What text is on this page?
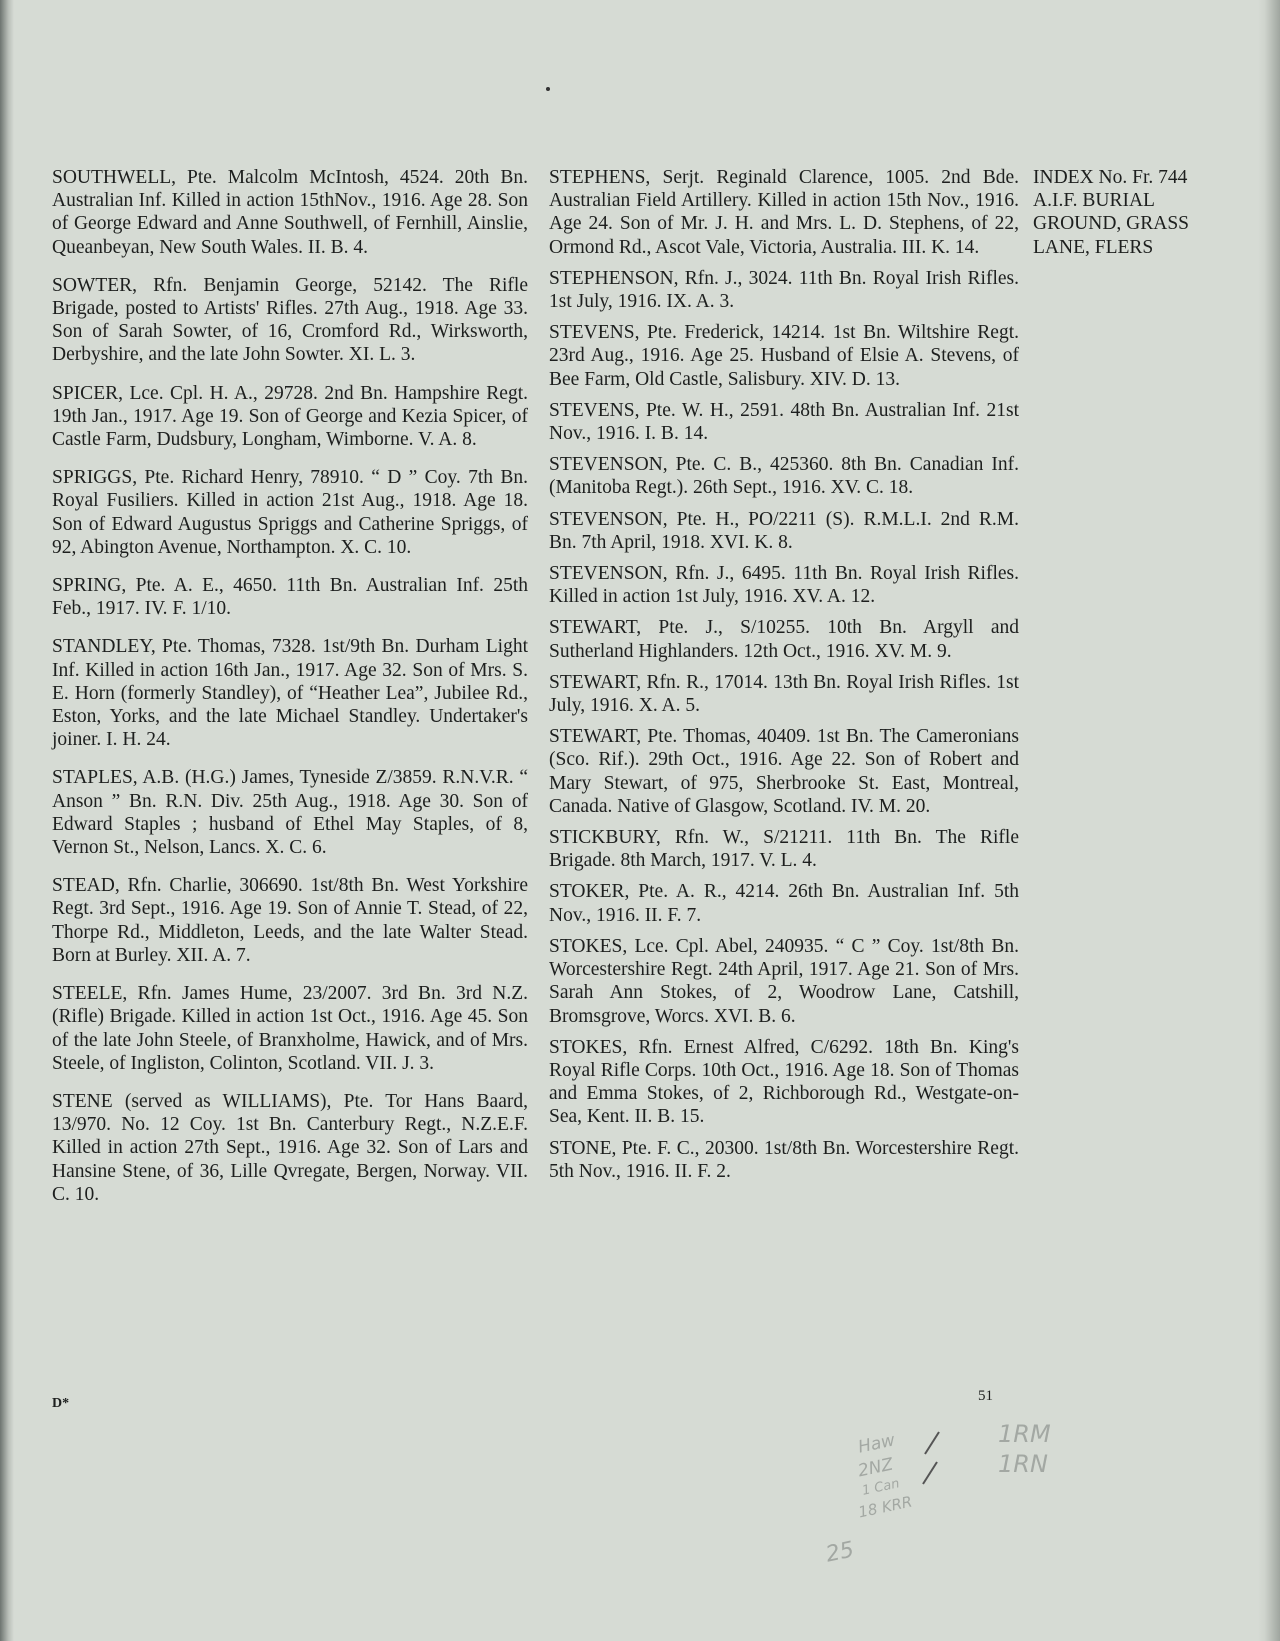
SOUTHWELL, Pte. Malcolm McIntosh, 4524. 20th Bn. Australian Inf. Killed in action 15thNov., 1916. Age 28. Son of George Edward and Anne Southwell, of Fernhill, Ainslie, Queanbeyan, New South Wales. II. B. 4.

SOWTER, Rfn. Benjamin George, 52142. The Rifle Brigade, posted to Artists' Rifles. 27th Aug., 1918. Age 33. Son of Sarah Sowter, of 16, Cromford Rd., Wirksworth, Derbyshire, and the late John Sowter. XI. L. 3.

SPICER, Lce. Cpl. H. A., 29728. 2nd Bn. Hampshire Regt. 19th Jan., 1917. Age 19. Son of George and Kezia Spicer, of Castle Farm, Dudsbury, Longham, Wimborne. V. A. 8.

SPRIGGS, Pte. Richard Henry, 78910. “ D ” Coy. 7th Bn. Royal Fusiliers. Killed in action 21st Aug., 1918. Age 18. Son of Edward Augustus Spriggs and Catherine Spriggs, of 92, Abington Avenue, Northampton. X. C. 10.

SPRING, Pte. A. E., 4650. 11th Bn. Australian Inf. 25th Feb., 1917. IV. F. 1/10.

STANDLEY, Pte. Thomas, 7328. 1st/9th Bn. Durham Light Inf. Killed in action 16th Jan., 1917. Age 32. Son of Mrs. S. E. Horn (formerly Standley), of “Heather Lea”, Jubilee Rd., Eston, Yorks, and the late Michael Standley. Undertaker's joiner. I. H. 24.

STAPLES, A.B. (H.G.) James, Tyneside Z/3859. R.N.V.R. “ Anson ” Bn. R.N. Div. 25th Aug., 1918. Age 30. Son of Edward Staples ; husband of Ethel May Staples, of 8, Vernon St., Nelson, Lancs. X. C. 6.

STEAD, Rfn. Charlie, 306690. 1st/8th Bn. West Yorkshire Regt. 3rd Sept., 1916. Age 19. Son of Annie T. Stead, of 22, Thorpe Rd., Middleton, Leeds, and the late Walter Stead. Born at Burley. XII. A. 7.

STEELE, Rfn. James Hume, 23/2007. 3rd Bn. 3rd N.Z. (Rifle) Brigade. Killed in action 1st Oct., 1916. Age 45. Son of the late John Steele, of Branxholme, Hawick, and of Mrs. Steele, of Ingliston, Colinton, Scotland. VII. J. 3.

STENE (served as WILLIAMS), Pte. Tor Hans Baard, 13/970. No. 12 Coy. 1st Bn. Canterbury Regt., N.Z.E.F. Killed in action 27th Sept., 1916. Age 32. Son of Lars and Hansine Stene, of 36, Lille Qvregate, Bergen, Norway. VII. C. 10.

STEPHENS, Serjt. Reginald Clarence, 1005. 2nd Bde. Australian Field Artillery. Killed in action 15th Nov., 1916. Age 24. Son of Mr. J. H. and Mrs. L. D. Stephens, of 22, Ormond Rd., Ascot Vale, Victoria, Australia. III. K. 14.

STEPHENSON, Rfn. J., 3024. 11th Bn. Royal Irish Rifles. 1st July, 1916. IX. A. 3.

STEVENS, Pte. Frederick, 14214. 1st Bn. Wiltshire Regt. 23rd Aug., 1916. Age 25. Husband of Elsie A. Stevens, of Bee Farm, Old Castle, Salisbury. XIV. D. 13.

STEVENS, Pte. W. H., 2591. 48th Bn. Australian Inf. 21st Nov., 1916. I. B. 14.

STEVENSON, Pte. C. B., 425360. 8th Bn. Canadian Inf. (Manitoba Regt.). 26th Sept., 1916. XV. C. 18.

STEVENSON, Pte. H., PO/2211 (S). R.M.L.I. 2nd R.M. Bn. 7th April, 1918. XVI. K. 8.

STEVENSON, Rfn. J., 6495. 11th Bn. Royal Irish Rifles. Killed in action 1st July, 1916. XV. A. 12.

STEWART, Pte. J., S/10255. 10th Bn. Argyll and Sutherland Highlanders. 12th Oct., 1916. XV. M. 9.

STEWART, Rfn. R., 17014. 13th Bn. Royal Irish Rifles. 1st July, 1916. X. A. 5.

STEWART, Pte. Thomas, 40409. 1st Bn. The Cameronians (Sco. Rif.). 29th Oct., 1916. Age 22. Son of Robert and Mary Stewart, of 975, Sherbrooke St. East, Montreal, Canada. Native of Glasgow, Scotland. IV. M. 20.

STICKBURY, Rfn. W., S/21211. 11th Bn. The Rifle Brigade. 8th March, 1917. V. L. 4.

STOKER, Pte. A. R., 4214. 26th Bn. Australian Inf. 5th Nov., 1916. II. F. 7.

STOKES, Lce. Cpl. Abel, 240935. “ C ” Coy. 1st/8th Bn. Worcestershire Regt. 24th April, 1917. Age 21. Son of Mrs. Sarah Ann Stokes, of 2, Woodrow Lane, Catshill, Bromsgrove, Worcs. XVI. B. 6.

STOKES, Rfn. Ernest Alfred, C/6292. 18th Bn. King's Royal Rifle Corps. 10th Oct., 1916. Age 18. Son of Thomas and Emma Stokes, of 2, Richborough Rd., Westgate-on-Sea, Kent. II. B. 15.

STONE, Pte. F. C., 20300. 1st/8th Bn. Worcestershire Regt. 5th Nov., 1916. II. F. 2.

INDEX No. Fr. 744
A.I.F. BURIAL
GROUND, GRASS
LANE, FLERS
D*	51
Haw
2NZ
1 Can
18 KRR
25
1RM
1RN
